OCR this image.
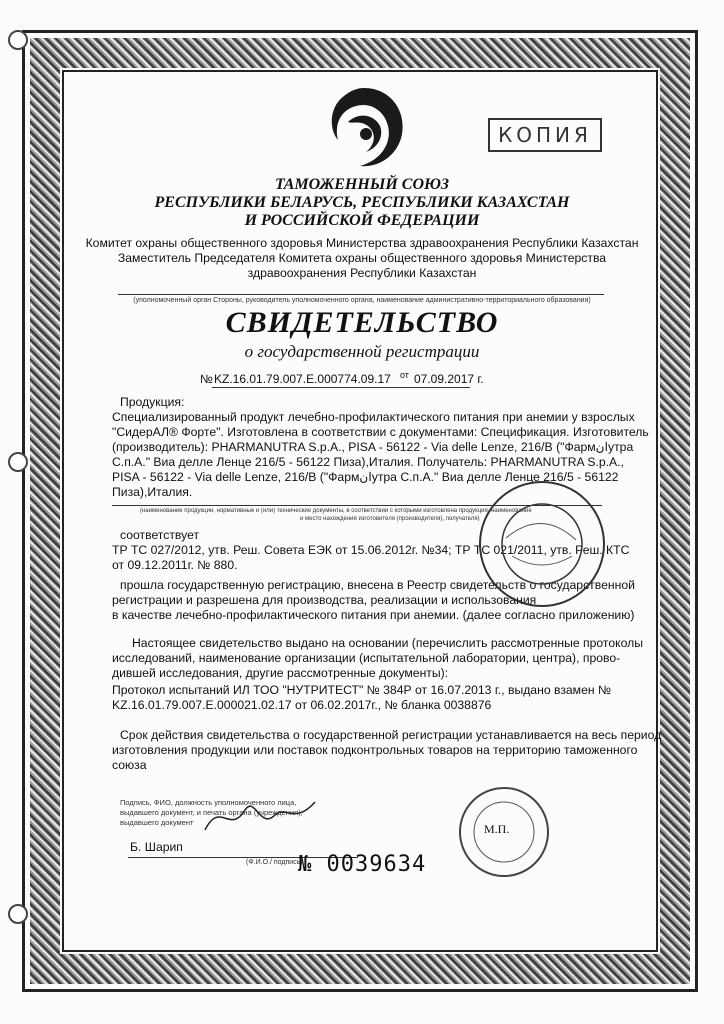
КОПИЯ
ТАМОЖЕННЫЙ СОЮЗ
РЕСПУБЛИКИ БЕЛАРУСЬ, РЕСПУБЛИКИ КАЗАХСТАН
И РОССИЙСКОЙ ФЕДЕРАЦИИ
Комитет охраны общественного здоровья Министерства здравоохранения Республики Казахстан
Заместитель Председателя Комитета охраны общественного здоровья Министерства
здравоохранения Республики Казахстан
(уполномоченный орган Стороны, руководитель уполномоченного органа, наименование административно-территориального образования)
СВИДЕТЕЛЬСТВО
о государственной регистрации
№ KZ.16.01.79.007.Е.000774.09.17 от 07.09.2017 г.
Продукция:
Специализированный продукт лечебно-профилактического питания при анемии у взрослых
"СидерАЛ® Форте". Изготовлена в соответствии с документами: Спецификация. Изготовитель
(производитель): PHARMANUTRA S.p.A., PISA - 56122 - Via delle Lenze, 216/B ("Фармانутра
С.п.А." Виа делле Ленце 216/5 - 56122 Пиза),Италия. Получатель: PHARMANUTRA S.p.A.,
PISA - 56122 - Via delle Lenze, 216/B ("Фармانутра С.п.А." Виа делле Ленце 216/5 - 56122
Пиза),Италия.
(наименование продукции, нормативные и (или) технические документы, в соответствии с которыми изготовлена продукция, наименование
и место нахождения изготовителя (производителя), получателя)
соответствует
ТР ТС 027/2012, утв. Реш. Совета ЕЭК от 15.06.2012г. №34; ТР ТС 021/2011, утв. Реш. КТС
от 09.12.2011г. № 880.
прошла государственную регистрацию, внесена в Реестр свидетельств о государственной
регистрации и разрешена для производства, реализации и использования
в качестве лечебно-профилактического питания при анемии. (далее согласно приложению)
Настоящее свидетельство выдано на основании (перечислить рассмотренные протоколы
исследований, наименование организации (испытательной лаборатории, центра), прово-
дившей исследования, другие рассмотренные документы):
Протокол испытаний ИЛ ТОО "НУТРИТЕСТ" № 384Р от 16.07.2013 г., выдано взамен №
KZ.16.01.79.007.Е.000021.02.17 от 06.02.2017г., № бланка 0038876
Срок действия свидетельства о государственной регистрации устанавливается на весь период
изготовления продукции или поставок подконтрольных товаров на территорию таможенного
союза
Подпись, ФИО, должность уполномоченного лица,
выдавшего документ, и печать органа (учреждения),
выдавшего документ
Б. Шарип
(Ф.И.О./ подпись)
М.П.
№ 0039634
